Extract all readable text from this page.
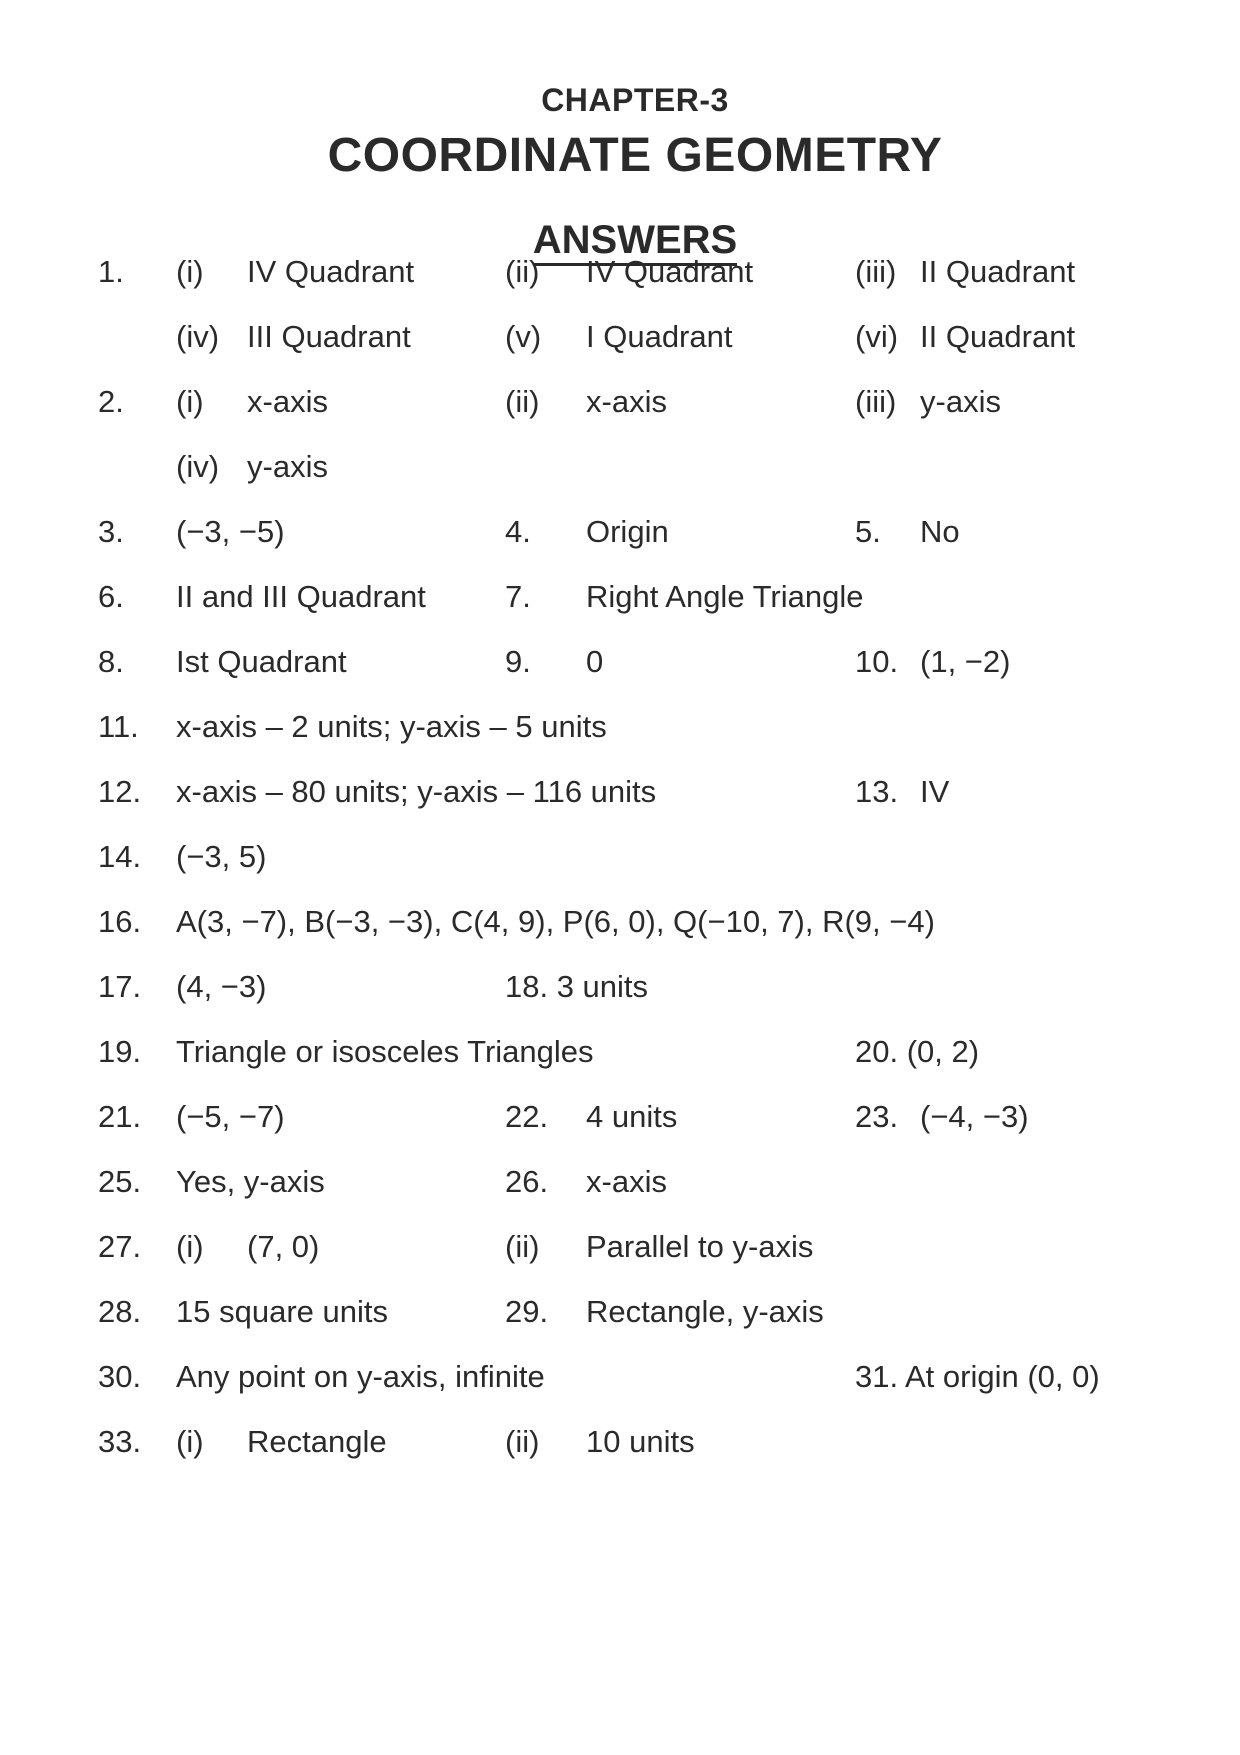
CHAPTER-3
COORDINATE GEOMETRY
ANSWERS
1. (i) IV Quadrant	(ii) IV Quadrant	(iii) II Quadrant
(iv) III Quadrant	(v) I Quadrant	(vi) II Quadrant
2. (i) x-axis	(ii) x-axis	(iii) y-axis
(iv) y-axis
3. (−3, −5)	4. Origin	5. No
6. II and III Quadrant	7. Right Angle Triangle
8. Ist Quadrant	9. 0	10. (1, −2)
11. x-axis – 2 units; y-axis – 5 units
12. x-axis – 80 units; y-axis – 116 units	13. IV
14. (−3, 5)
16. A(3, −7), B(−3, −3), C(4, 9), P(6, 0), Q(−10, 7), R(9, −4)
17. (4, −3)	18. 3 units
19. Triangle or isosceles Triangles	20. (0, 2)
21. (−5, −7)	22. 4 units	23. (−4, −3)
25. Yes, y-axis	26. x-axis
27. (i) (7, 0)	(ii) Parallel to y-axis
28. 15 square units	29. Rectangle, y-axis
30. Any point on y-axis, infinite	31. At origin (0, 0)
33. (i) Rectangle	(ii) 10 units
